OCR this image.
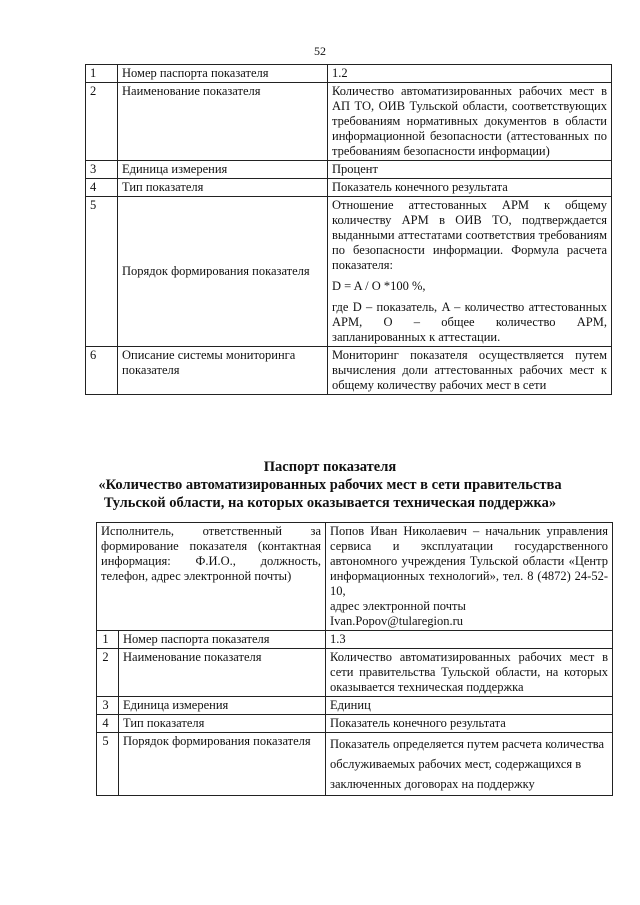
52
1	Номер паспорта показателя	1.2
2	Наименование показателя	Количество автоматизированных рабочих мест в АП ТО, ОИВ Тульской области, соответствующих требованиям нормативных документов в области информационной безопасности (аттестованных по требованиям безопасности информации)
3	Единица измерения	Процент
4	Тип показателя	Показатель конечного результата
5	Порядок формирования показателя	Отношение аттестованных АРМ к общему количеству АРМ в ОИВ ТО, подтверждается выданными аттестатами соответствия требованиям по безопасности информации. Формула расчета показателя:
D = A / O *100 %,
где D – показатель, A – количество аттестованных АРМ, O – общее количество АРМ, запланированных к аттестации.

6	Описание системы мониторинга показателя	Мониторинг показателя осуществляется путем вычисления доли аттестованных рабочих мест к общему количеству рабочих мест в сети
Паспорт показателя
«Количество автоматизированных рабочих мест в сети правительства
Тульской области, на которых оказывается техническая поддержка»
Исполнитель, ответственный за формирование показателя (контактная информация: Ф.И.О., должность, телефон, адрес электронной почты)		Попов Иван Николаевич – начальник управления сервиса и эксплуатации государственного автономного учреждения Тульской области «Центр информационных технологий», тел. 8 (4872) 24-52-10,
адрес электронной почты
Ivan.Popov@tularegion.ru
1	Номер паспорта показателя	1.3
2	Наименование показателя	Количество автоматизированных рабочих мест в сети правительства Тульской области, на которых оказывается техническая поддержка
3	Единица измерения	Единиц
4	Тип показателя	Показатель конечного результата
5	Порядок формирования показателя	Показатель определяется путем расчета количества обслуживаемых рабочих мест, содержащихся в заключенных договорах на поддержку
